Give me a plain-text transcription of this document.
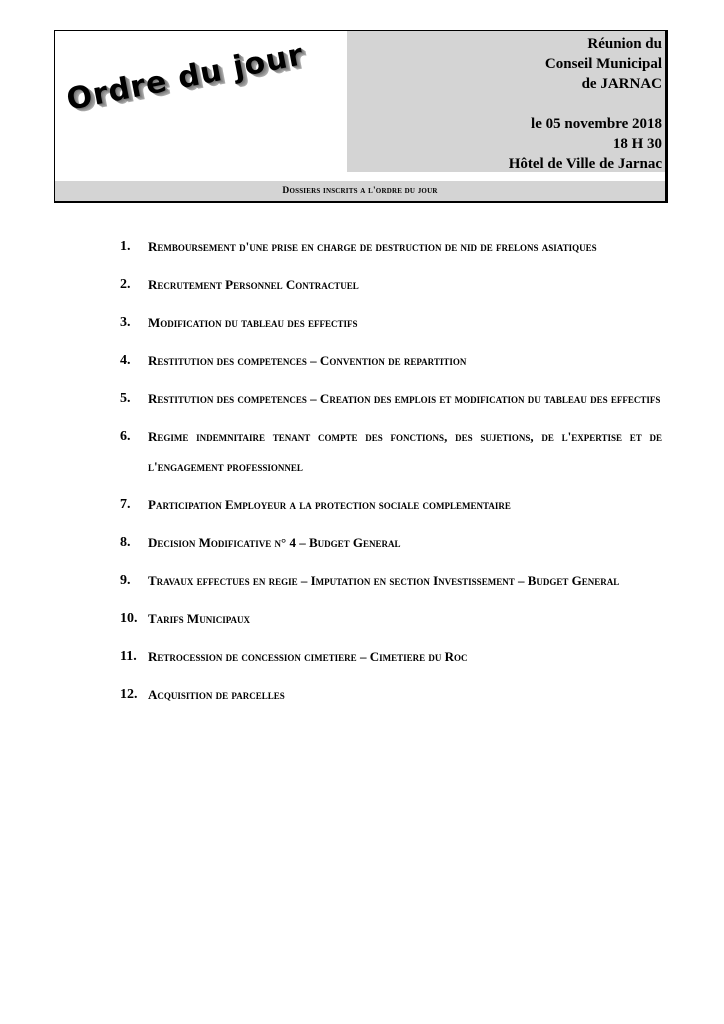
Ordre du jour	Réunion du
Conseil Municipal
de JARNAC
le 05 novembre 2018
18 H 30
Hôtel de Ville de Jarnac
Dossiers inscrits a l'ordre du jour
1. Remboursement d'une prise en charge de destruction de nid de frelons asiatiques
2. Recrutement Personnel Contractuel
3. Modification du tableau des effectifs
4. Restitution des competences – Convention de repartition
5. Restitution des competences – Creation des emplois et modification du tableau des effectifs
6. Regime indemnitaire tenant compte des fonctions, des sujetions, de l'expertise et de l'engagement professionnel
7. Participation Employeur a la protection sociale complementaire
8. Decision Modificative n° 4 – Budget General
9. Travaux effectues en regie – Imputation en section Investissement – Budget General
10. Tarifs Municipaux
11. Retrocession de concession cimetiere – Cimetiere du Roc
12. Acquisition de parcelles
